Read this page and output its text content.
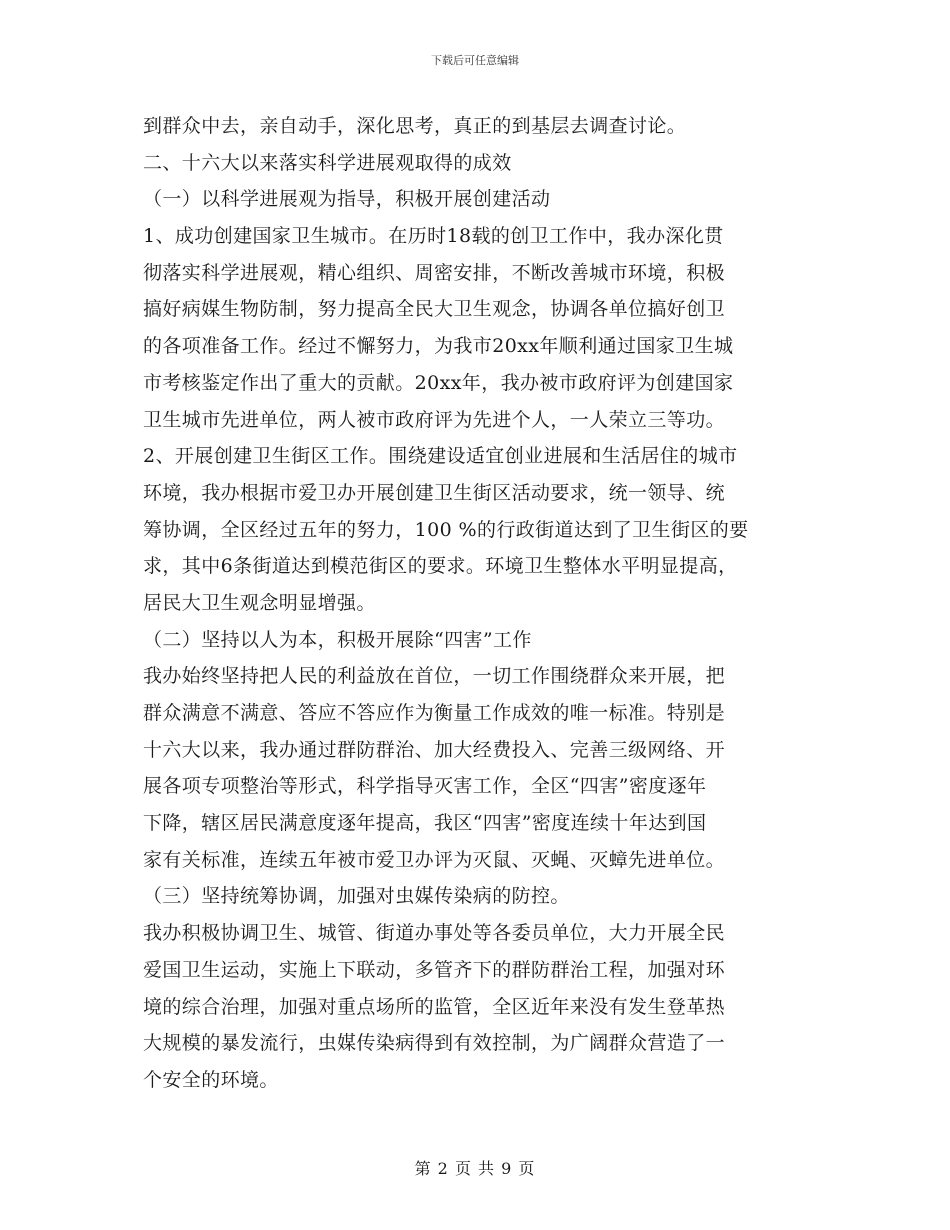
下载后可任意编辑
到群众中去，亲自动手，深化思考，真正的到基层去调查讨论。
二、十六大以来落实科学进展观取得的成效
（一）以科学进展观为指导，积极开展创建活动
1、成功创建国家卫生城市。在历时18载的创卫工作中，我办深化贯
彻落实科学进展观，精心组织、周密安排，不断改善城市环境，积极
搞好病媒生物防制，努力提高全民大卫生观念，协调各单位搞好创卫
的各项准备工作。经过不懈努力，为我市20xx年顺利通过国家卫生城
市考核鉴定作出了重大的贡献。20xx年，我办被市政府评为创建国家
卫生城市先进单位，两人被市政府评为先进个人，一人荣立三等功。
2、开展创建卫生街区工作。围绕建设适宜创业进展和生活居住的城市
环境，我办根据市爱卫办开展创建卫生街区活动要求，统一领导、统
筹协调，全区经过五年的努力，100 %的行政街道达到了卫生街区的要
求，其中6条街道达到模范街区的要求。环境卫生整体水平明显提高，
居民大卫生观念明显增强。
（二）坚持以人为本，积极开展除“四害”工作
我办始终坚持把人民的利益放在首位，一切工作围绕群众来开展，把
群众满意不满意、答应不答应作为衡量工作成效的唯一标准。特别是
十六大以来，我办通过群防群治、加大经费投入、完善三级网络、开
展各项专项整治等形式，科学指导灭害工作，全区“四害”密度逐年
下降，辖区居民满意度逐年提高，我区“四害”密度连续十年达到国
家有关标准，连续五年被市爱卫办评为灭鼠、灭蝇、灭蟑先进单位。
（三）坚持统筹协调，加强对虫媒传染病的防控。
我办积极协调卫生、城管、街道办事处等各委员单位，大力开展全民
爱国卫生运动，实施上下联动，多管齐下的群防群治工程，加强对环
境的综合治理，加强对重点场所的监管，全区近年来没有发生登革热
大规模的暴发流行，虫媒传染病得到有效控制，为广阔群众营造了一
个安全的环境。
第 2 页 共 9 页
